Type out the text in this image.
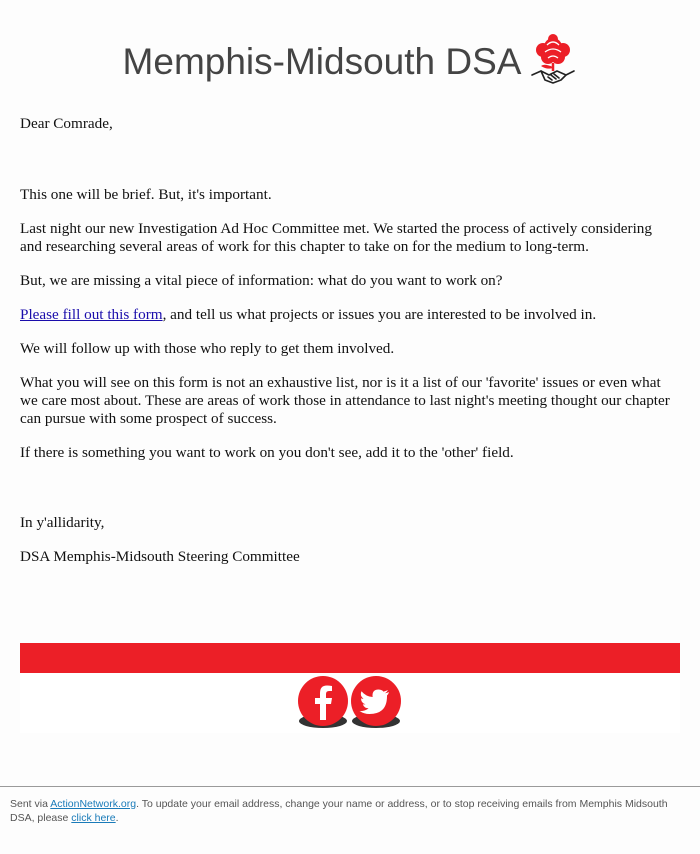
Memphis-Midsouth DSA

Dear Comrade,

This one will be brief. But, it's important.

Last night our new Investigation Ad Hoc Committee met. We started the process of actively considering and researching several areas of work for this chapter to take on for the medium to long-term.

But, we are missing a vital piece of information: what do you want to work on?

Please fill out this form, and tell us what projects or issues you are interested to be involved in.

We will follow up with those who reply to get them involved.

What you will see on this form is not an exhaustive list, nor is it a list of our 'favorite' issues or even what we care most about. These are areas of work those in attendance to last night's meeting thought our chapter can pursue with some prospect of success.

If there is something you want to work on you don't see, add it to the 'other' field.

In y'allidarity,

DSA Memphis-Midsouth Steering Committee

Sent via ActionNetwork.org. To update your email address, change your name or address, or to stop receiving emails from Memphis Midsouth DSA, please click here.
